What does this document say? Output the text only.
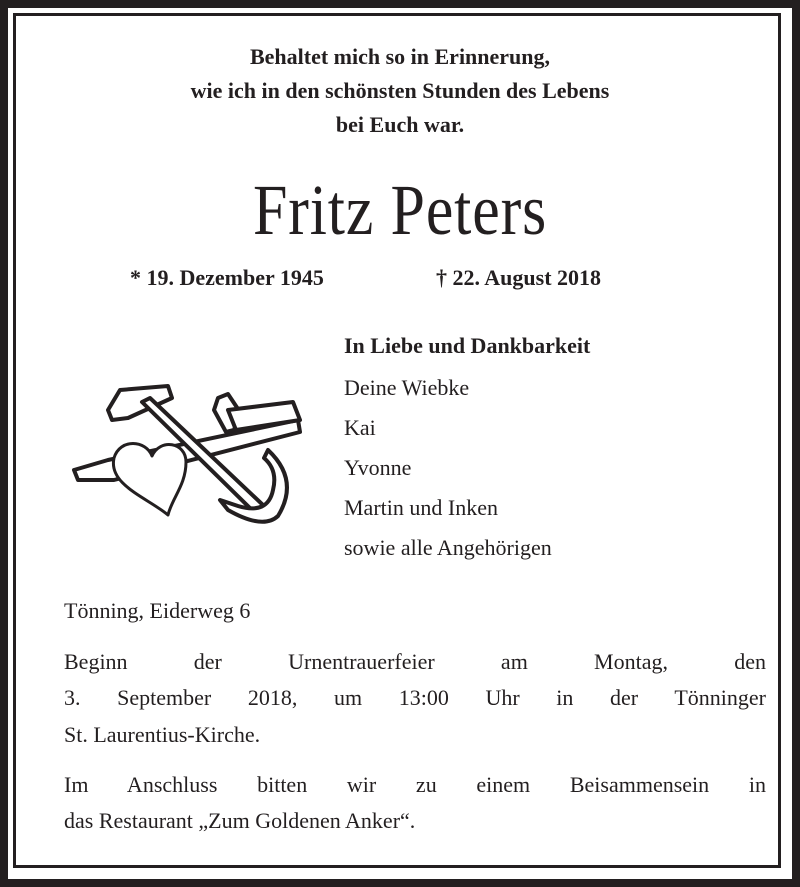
Behaltet mich so in Erinnerung,
wie ich in den schönsten Stunden des Lebens
bei Euch war.
Fritz Peters
* 19. Dezember 1945	† 22. August 2018
In Liebe und Dankbarkeit
Deine Wiebke
Kai
Yvonne
Martin und Inken
sowie alle Angehörigen
Tönning, Eiderweg 6
Beginn der Urnentrauerfeier am Montag, den
3. September 2018, um 13:00 Uhr in der Tönninger
St. Laurentius-Kirche.
Im Anschluss bitten wir zu einem Beisammensein in
das Restaurant „Zum Goldenen Anker“.
